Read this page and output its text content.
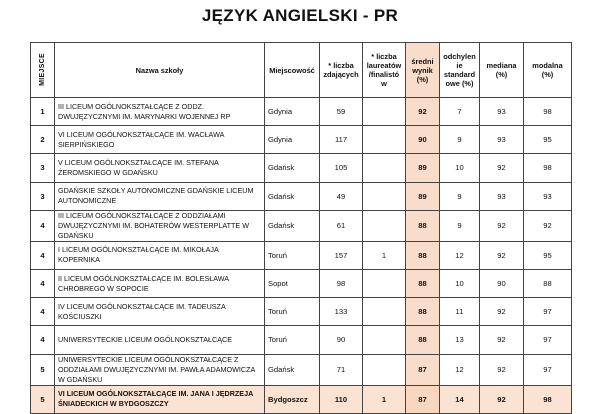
JĘZYK ANGIELSKI - PR
MIEJSCE	Nazwa szkoły	Miejscowość	* liczba zdających	* liczba laureatów /finalistó w	średni wynik (%)	odchylen ie standard owe (%)	mediana (%)	modalna (%)
1	III LICEUM OGÓLNOKSZTAŁCĄCE Z ODDZ. DWUJĘZYCZNYMI IM. MARYNARKI WOJENNEJ RP	Gdynia	59		92	7	93	98
2	VI LICEUM OGÓLNOKSZTAŁCĄCE IM. WACŁAWA SIERPIŃSKIEGO	Gdynia	117		90	9	93	95
3	V LICEUM OGÓLNOKSZTAŁCĄCE IM. STEFANA ŻEROMSKIEGO W GDAŃSKU	Gdańsk	105		89	10	92	98
3	GDAŃSKIE SZKOŁY AUTONOMICZNE GDAŃSKIE LICEUM AUTONOMICZNE	Gdańsk	49		89	9	93	93
4	III LICEUM OGÓLNOKSZTAŁCĄCE Z ODDZIAŁAMI DWUJĘZYCZNYMI IM. BOHATERÓW WESTERPLATTE W GDAŃSKU	Gdańsk	61		88	9	92	92
4	I LICEUM OGÓLNOKSZTAŁCĄCE IM. MIKOŁAJA KOPERNIKA	Toruń	157	1	88	12	92	95
4	II LICEUM OGÓLNOKSZTAŁCĄCE IM. BOLESŁAWA CHROBREGO W SOPOCIE	Sopot	98		88	10	90	88
4	IV LICEUM OGÓLNOKSZTAŁCĄCE IM. TADEUSZA KOŚCIUSZKI	Toruń	133		88	11	92	97
4	UNIWERSYTECKIE LICEUM OGÓLNOKSZTAŁCĄCE	Toruń	90		88	13	92	97
5	UNIWERSYTECKIE LICEUM OGÓLNOKSZTAŁCĄCE Z ODDZIAŁAMI DWUJĘZYCZNYMI IM. PAWŁA ADAMOWICZA W GDAŃSKU	Gdańsk	71		87	12	92	97
5	VI LICEUM OGÓLNOKSZTAŁCĄCE IM. JANA I JĘDRZEJA ŚNIADECKICH W BYDGOSZCZY	Bydgoszcz	110	1	87	14	92	98
